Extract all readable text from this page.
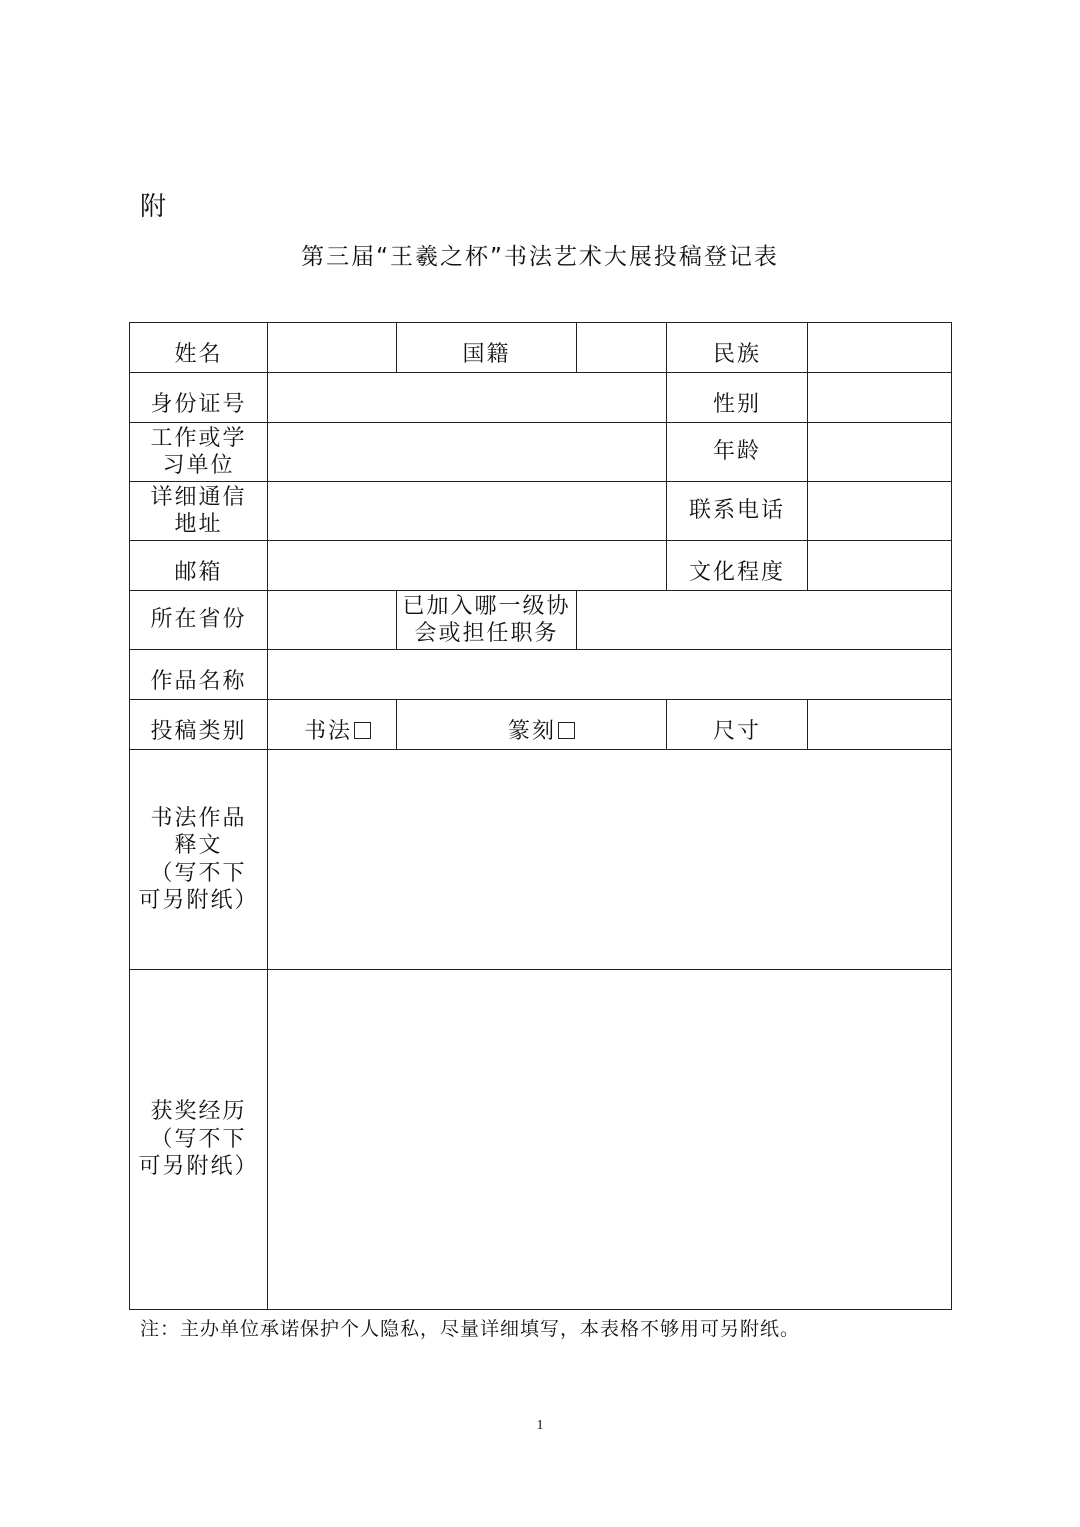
附
第三届“王羲之杯”书法艺术大展投稿登记表
姓名		国籍		民族	
身份证号				性别	

工作或学
习单位				年龄	

详细通信
地址				联系电话	
邮箱				文化程度	
所在省份		已加入哪一级协
会或担任职务			

作品名称					
投稿类别	书法	篆刻		尺寸	

书法作品
释文
（写不下
可另附纸）					

获奖经历
（写不下
可另附纸）					

注：主办单位承诺保护个人隐私，尽量详细填写，本表格不够用可另附纸。
1
